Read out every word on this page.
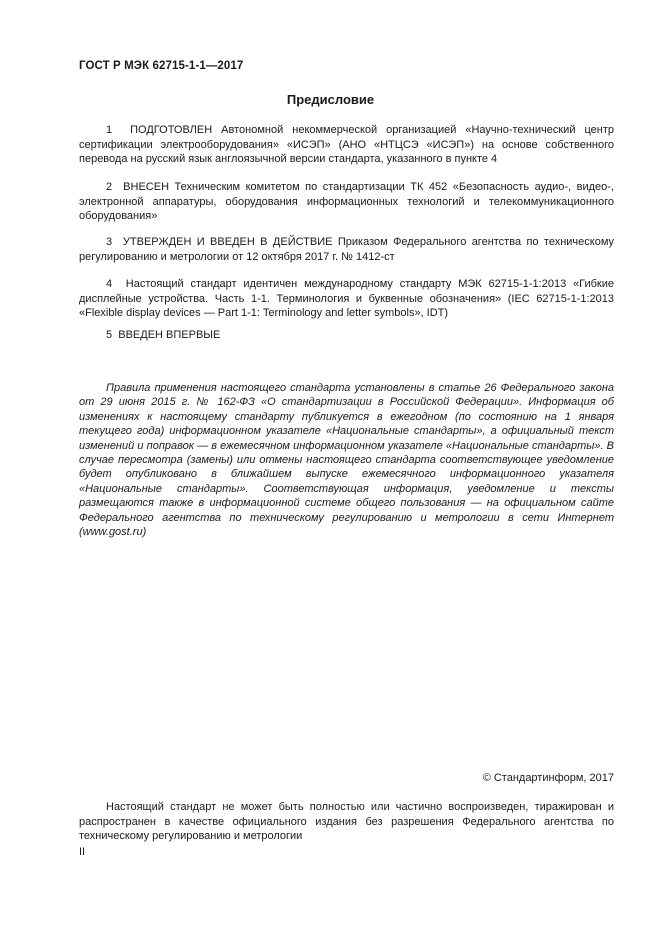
ГОСТ Р МЭК 62715-1-1—2017
Предисловие

1 ПОДГОТОВЛЕН Автономной некоммерческой организацией «Научно-технический центр сертификации электрооборудования» «ИСЭП» (АНО «НТЦСЭ «ИСЭП») на основе собственного перевода на русский язык англоязычной версии стандарта, указанного в пункте 4

2 ВНЕСЕН Техническим комитетом по стандартизации ТК 452 «Безопасность аудио-, видео-, электронной аппаратуры, оборудования информационных технологий и телекоммуникационного оборудования»

3 УТВЕРЖДЕН И ВВЕДЕН В ДЕЙСТВИЕ Приказом Федерального агентства по техническому регулированию и метрологии от 12 октября 2017 г. № 1412-ст

4 Настоящий стандарт идентичен международному стандарту МЭК 62715-1-1:2013 «Гибкие дисплейные устройства. Часть 1-1. Терминология и буквенные обозначения» (IEC 62715-1-1:2013 «Flexible display devices — Part 1-1: Terminology and letter symbols», IDT)

5 ВВЕДЕН ВПЕРВЫЕ

Правила применения настоящего стандарта установлены в статье 26 Федерального закона от 29 июня 2015 г. № 162-ФЗ «О стандартизации в Российской Федерации». Информация об изменениях к настоящему стандарту публикуется в ежегодном (по состоянию на 1 января текущего года) информационном указателе «Национальные стандарты», а официальный текст изменений и поправок — в ежемесячном информационном указателе «Национальные стандарты». В случае пересмотра (замены) или отмены настоящего стандарта соответствующее уведомление будет опубликовано в ближайшем выпуске ежемесячного информационного указателя «Национальные стандарты». Соответствующая информация, уведомление и тексты размещаются также в информационной системе общего пользования — на официальном сайте Федерального агентства по техническому регулированию и метрологии в сети Интернет (www.gost.ru)

© Стандартинформ, 2017

Настоящий стандарт не может быть полностью или частично воспроизведен, тиражирован и распространен в качестве официального издания без разрешения Федерального агентства по техническому регулированию и метрологии

II
